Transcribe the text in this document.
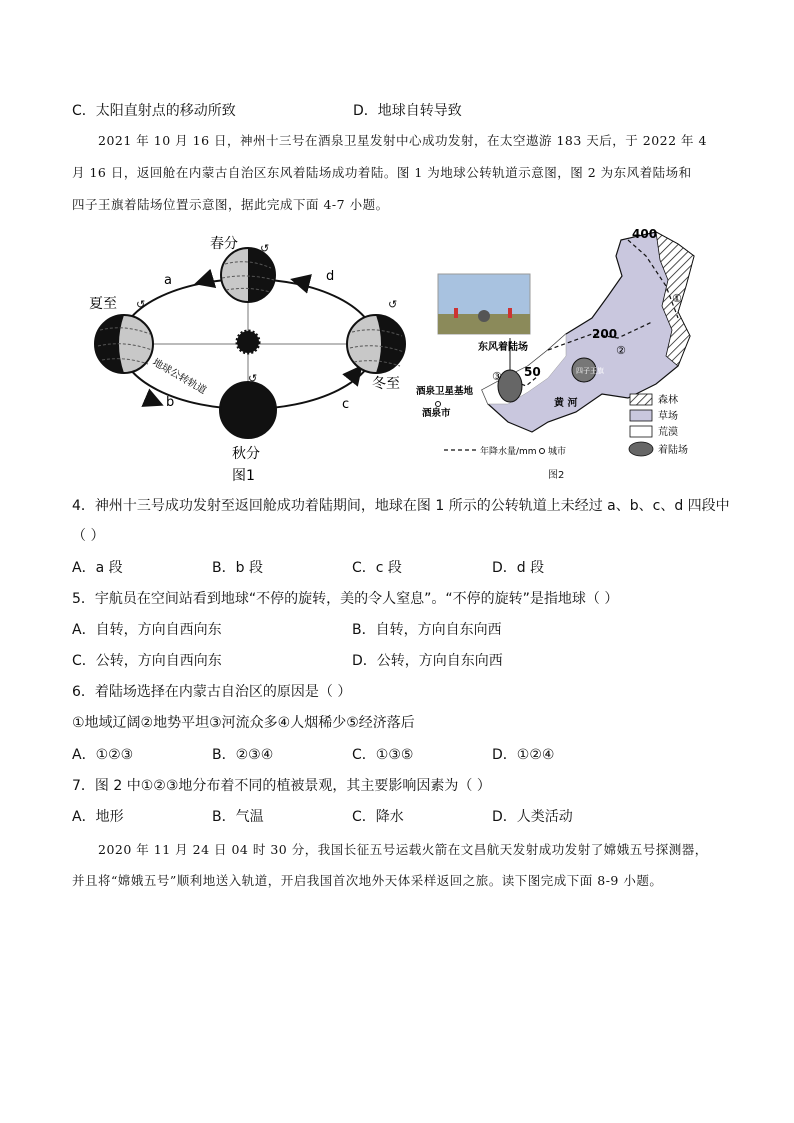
C．太阳直射点的移动所致	D．地球自转导致
2021 年 10 月 16 日，神州十三号在酒泉卫星发射中心成功发射，在太空遨游 183 天后，于 2022 年 4
月 16 日，返回舱在内蒙古自治区东风着陆场成功着陆。图 1 为地球公转轨道示意图，图 2 为东风着陆场和
四子王旗着陆场位置示意图，据此完成下面 4-7 小题。
↺
↺	↺
↺
春分
夏至
冬至
秋分
a	d
b	c
地球公转轨道
图1
①
②
③
400
200
50
东风着陆场
酒泉卫星基地
酒泉市
黄 河
四子王旗
森林
草场
荒漠
着陆场
年降水量/mm 城市
图2
4．神州十三号成功发射至返回舱成功着陆期间，地球在图 1 所示的公转轨道上未经过 a、b、c、d 四段中
（ ）
A．a 段	B．b 段	C．c 段	D．d 段
5．宇航员在空间站看到地球“不停的旋转，美的令人窒息”。“不停的旋转”是指地球（ ）
A．自转，方向自西向东	B．自转，方向自东向西
C．公转，方向自西向东	D．公转，方向自东向西
6．着陆场选择在内蒙古自治区的原因是（ ）
①地域辽阔②地势平坦③河流众多④人烟稀少⑤经济落后
A．①②③	B．②③④	C．①③⑤	D．①②④
7．图 2 中①②③地分布着不同的植被景观，其主要影响因素为（ ）
A．地形	B．气温	C．降水	D．人类活动
2020 年 11 月 24 日 04 时 30 分，我国长征五号运载火箭在文昌航天发射成功发射了嫦娥五号探测器，
并且将“嫦娥五号”顺利地送入轨道，开启我国首次地外天体采样返回之旅。读下图完成下面 8-9 小题。
